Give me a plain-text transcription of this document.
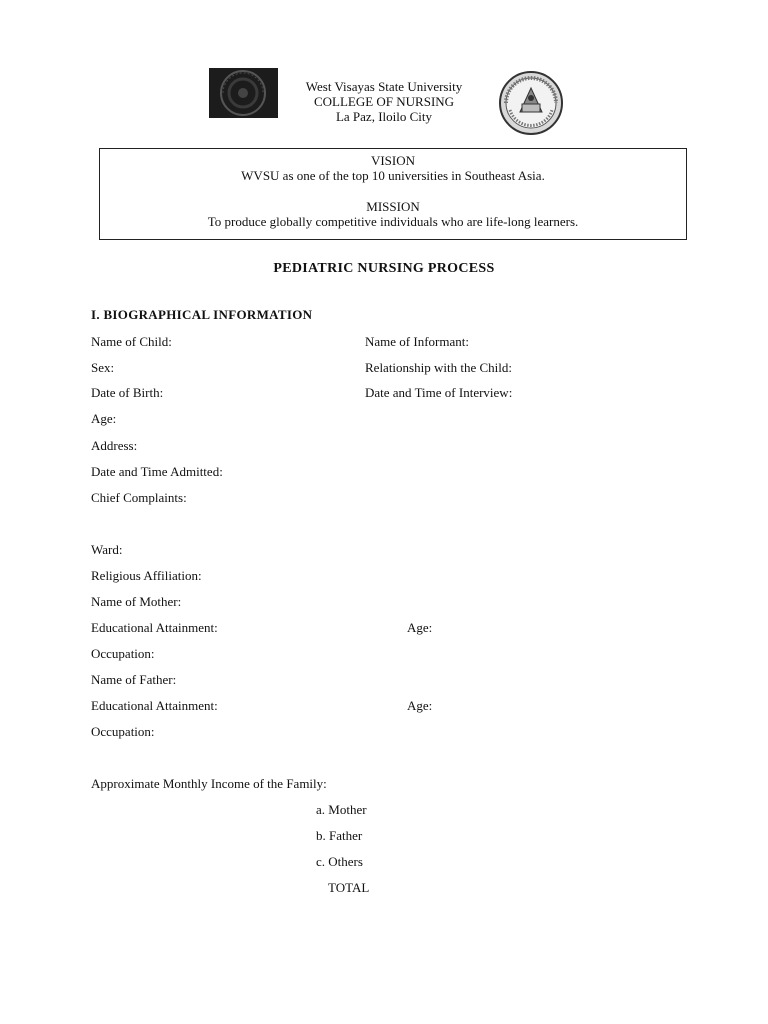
West Visayas State University
COLLEGE OF NURSING
La Paz, Iloilo City
VISION
WVSU as one of the top 10 universities in Southeast Asia.
MISSION
To produce globally competitive individuals who are life-long learners.
PEDIATRIC NURSING PROCESS
I. BIOGRAPHICAL INFORMATION
Name of Child:	Name of Informant:
Sex:	Relationship with the Child:
Date of Birth:	Date and Time of Interview:
Age:
Address:
Date and Time Admitted:
Chief Complaints:
Ward:
Religious Affiliation:
Name of Mother:
Educational Attainment:	Age:
Occupation:
Name of Father:
Educational Attainment:	Age:
Occupation:
Approximate Monthly Income of the Family:
a. Mother
b. Father
c. Others
TOTAL
